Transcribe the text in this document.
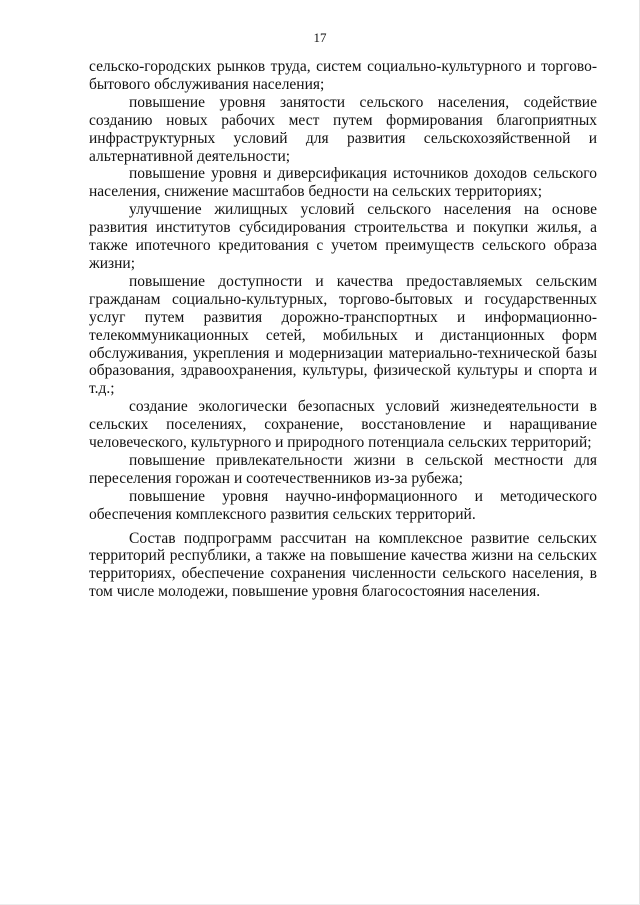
17

сельско-городских рынков труда, систем социально-культурного и торгово-бытового обслуживания населения;

повышение уровня занятости сельского населения, содействие созданию новых рабочих мест путем формирования благоприятных инфраструктурных условий для развития сельскохозяйственной и альтернативной деятельности;

повышение уровня и диверсификация источников доходов сельского населения, снижение масштабов бедности на сельских территориях;

улучшение жилищных условий сельского населения на основе развития институтов субсидирования строительства и покупки жилья, а также ипотечного кредитования с учетом преимуществ сельского образа жизни;

повышение доступности и качества предоставляемых сельским гражданам социально-культурных, торгово-бытовых и государственных услуг путем развития дорожно-транспортных и информационно-телекоммуникационных сетей, мобильных и дистанционных форм обслуживания, укрепления и модернизации материально-технической базы образования, здравоохранения, культуры, физической культуры и спорта и т.д.;

создание экологически безопасных условий жизнедеятельности в сельских поселениях, сохранение, восстановление и наращивание человеческого, культурного и природного потенциала сельских территорий;

повышение привлекательности жизни в сельской местности для переселения горожан и соотечественников из-за рубежа;

повышение уровня научно-информационного и методического обеспечения комплексного развития сельских территорий.

Состав подпрограмм рассчитан на комплексное развитие сельских территорий республики, а также на повышение качества жизни на сельских территориях, обеспечение сохранения численности сельского населения, в том числе молодежи, повышение уровня благосостояния населения.
